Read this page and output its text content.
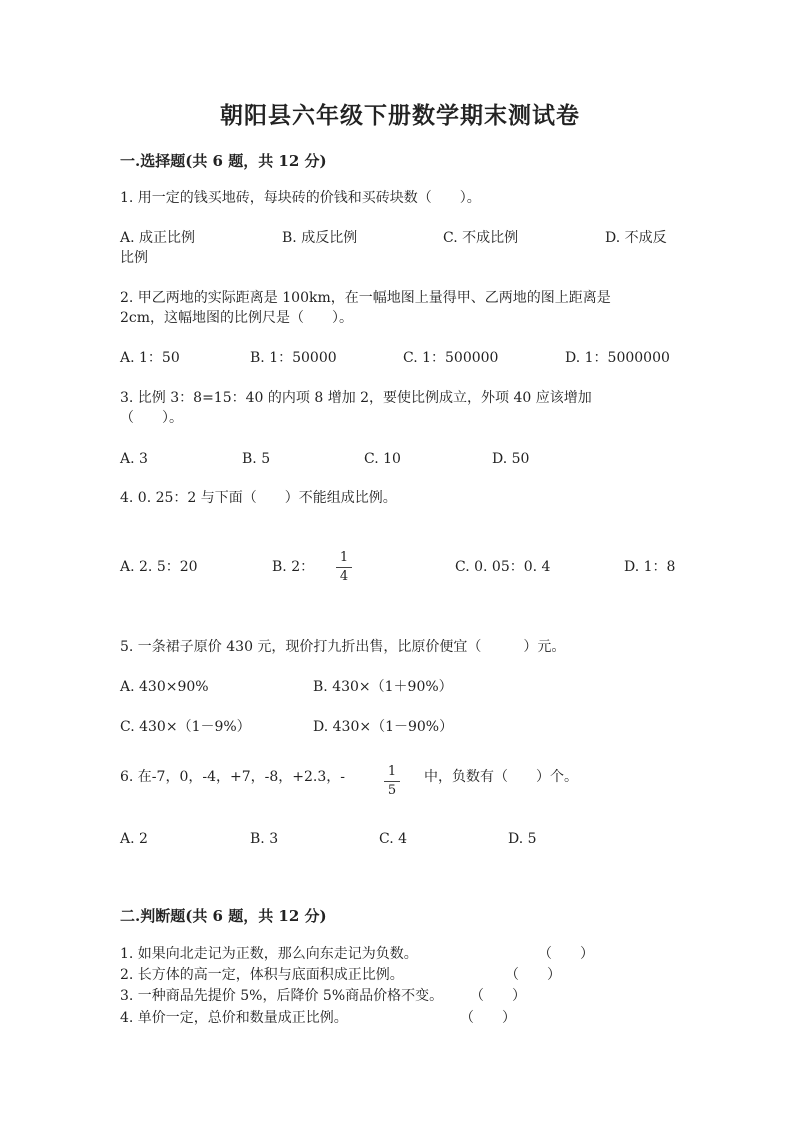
朝阳县六年级下册数学期末测试卷
一.选择题(共 6 题，共 12 分)
1. 用一定的钱买地砖，每块砖的价钱和买砖块数（　　）。
A. 成正比例	B. 成反比例	C. 不成比例	D. 不成反
比例
2. 甲乙两地的实际距离是 100km，在一幅地图上量得甲、乙两地的图上距离是
2cm，这幅地图的比例尺是（　　）。
A. 1：50	B. 1：50000	C. 1：500000	D. 1：5000000
3. 比例 3：8=15：40 的内项 8 增加 2，要使比例成立，外项 40 应该增加
（　　）。
A. 3	B. 5	C. 10	D. 50
4. 0. 25：2 与下面（　　）不能组成比例。
A. 2. 5：20	B. 2： $\frac{1}{4}$	C. 0. 05：0. 4	D. 1：8
5. 一条裙子原价 430 元，现价打九折出售，比原价便宜（　　　）元。
A. 430×90%	B. 430×（1＋90%）
C. 430×（1－9%）	D. 430×（1－90%）
6. 在-7，0，-4，+7，-8，+2.3，-	$\frac{1}{5}$ 中，负数有（　　）个。
A. 2	B. 3	C. 4	D. 5
二.判断题(共 6 题，共 12 分)
1. 如果向北走记为正数，那么向东走记为负数。	（　　）
2. 长方体的高一定，体积与底面积成正比例。	（　　）
3. 一种商品先提价 5%，后降价 5%商品价格不变。 （　　）
4. 单价一定，总价和数量成正比例。	（　　）
